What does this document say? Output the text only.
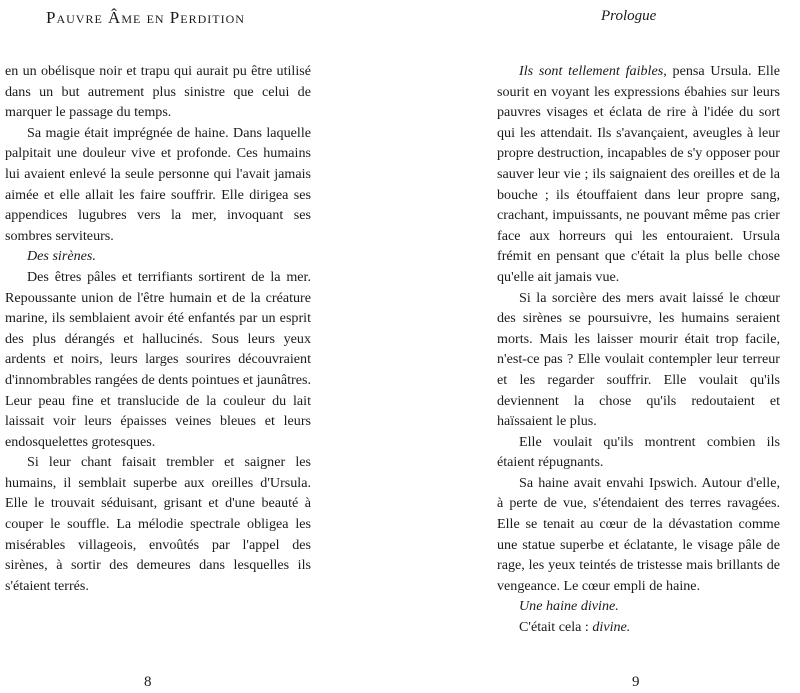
Pauvre Âme en Perdition

en un obélisque noir et trapu qui aurait pu être utilisé dans un but autrement plus sinistre que celui de marquer le passage du temps.

Sa magie était imprégnée de haine. Dans laquelle palpitait une douleur vive et profonde. Ces humains lui avaient enlevé la seule personne qui l'avait jamais aimée et elle allait les faire souffrir. Elle dirigea ses appendices lugubres vers la mer, invoquant ses sombres serviteurs.

Des sirènes.

Des êtres pâles et terrifiants sortirent de la mer. Repoussante union de l'être humain et de la créature marine, ils semblaient avoir été enfantés par un esprit des plus dérangés et hallucinés. Sous leurs yeux ardents et noirs, leurs larges sourires découvraient d'innombrables rangées de dents pointues et jaunâtres. Leur peau fine et translucide de la couleur du lait laissait voir leurs épaisses veines bleues et leurs endosquelettes grotesques.

Si leur chant faisait trembler et saigner les humains, il semblait superbe aux oreilles d'Ursula. Elle le trouvait séduisant, grisant et d'une beauté à couper le souffle. La mélodie spectrale obligea les misérables villageois, envoûtés par l'appel des sirènes, à sortir des demeures dans lesquelles ils s'étaient terrés.

8
Prologue

Ils sont tellement faibles, pensa Ursula. Elle sourit en voyant les expressions ébahies sur leurs pauvres visages et éclata de rire à l'idée du sort qui les attendait. Ils s'avançaient, aveugles à leur propre destruction, incapables de s'y opposer pour sauver leur vie ; ils saignaient des oreilles et de la bouche ; ils étouffaient dans leur propre sang, crachant, impuissants, ne pouvant même pas crier face aux horreurs qui les entouraient. Ursula frémit en pensant que c'était la plus belle chose qu'elle ait jamais vue.

Si la sorcière des mers avait laissé le chœur des sirènes se poursuivre, les humains seraient morts. Mais les laisser mourir était trop facile, n'est-ce pas ? Elle voulait contempler leur terreur et les regarder souffrir. Elle voulait qu'ils deviennent la chose qu'ils redoutaient et haïssaient le plus.

Elle voulait qu'ils montrent combien ils étaient répugnants.

Sa haine avait envahi Ipswich. Autour d'elle, à perte de vue, s'étendaient des terres ravagées. Elle se tenait au cœur de la dévastation comme une statue superbe et éclatante, le visage pâle de rage, les yeux teintés de tristesse mais brillants de vengeance. Le cœur empli de haine.

Une haine divine.

C'était cela : divine.

9
